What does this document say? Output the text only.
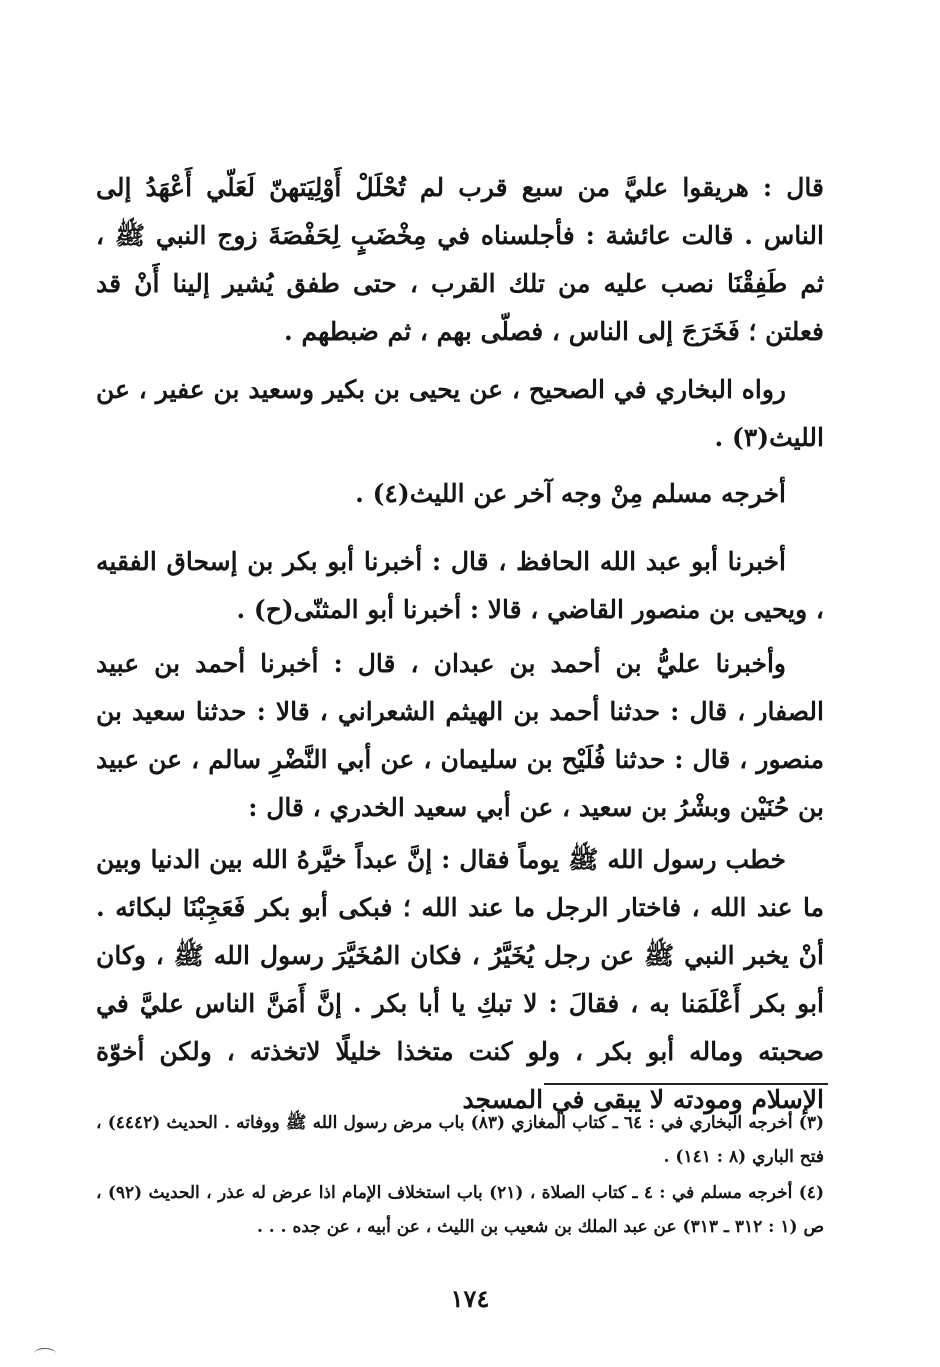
قال : هريقوا عليَّ من سبع قرب لم تُحْلَلْ أَوْلِيَتهنّ لَعَلّي أَعْهَدُ إلى الناس . قالت عائشة : فأجلسناه في مِخْضَبٍ لِحَفْصَةَ زوج النبي ﷺ ، ثم طَفِقْنَا نصب عليه من تلك القرب ، حتى طفق يُشير إلينا أَنْ قد فعلتن ؛ فَخَرَجَ إلى الناس ، فصلّى بهم ، ثم ضبطهم .

رواه البخاري في الصحيح ، عن يحيى بن بكير وسعيد بن عفير ، عن الليث(٣) .

أخرجه مسلم مِنْ وجه آخر عن الليث(٤) .

أخبرنا أبو عبد الله الحافظ ، قال : أخبرنا أبو بكر بن إسحاق الفقيه ، ويحيى بن منصور القاضي ، قالا : أخبرنا أبو المثنّى(ح) .

وأخبرنا عليُّ بن أحمد بن عبدان ، قال : أخبرنا أحمد بن عبيد الصفار ، قال : حدثنا أحمد بن الهيثم الشعراني ، قالا : حدثنا سعيد بن منصور ، قال : حدثنا فُلَيْح بن سليمان ، عن أبي النَّضْرِ سالم ، عن عبيد بن حُنَيْن وبشْرُ بن سعيد ، عن أبي سعيد الخدري ، قال :

خطب رسول الله ﷺ يوماً فقال : إنَّ عبداً خيَّرهُ الله بين الدنيا وبين ما عند الله ، فاختار الرجل ما عند الله ؛ فبكى أبو بكر فَعَجِبْنَا لبكائه . أنْ يخبر النبي ﷺ عن رجل يُخَيَّرُ ، فكان المُخَيَّرَ رسول الله ﷺ ، وكان أبو بكر أَعْلَمَنا به ، فقالَ : لا تبكِ يا أبا بكر . إنَّ أَمَنَّ الناس عليَّ في صحبته وماله أبو بكر ، ولو كنت متخذا خليلًا لاتخذته ، ولكن أخوّة الإسلام ومودته لا يبقى في المسجد

(٣) أخرجه البخاري في : ٦٤ ـ كتاب المغازي (٨٣) باب مرض رسول الله ﷺ ووفاته . الحديث (٤٤٤٢) ، فتح الباري (٨ : ١٤١) .

(٤) أخرجه مسلم في : ٤ ـ كتاب الصلاة ، (٢١) باب استخلاف الإمام اذا عرض له عذر ، الحديث (٩٢) ، ص (١ : ٣١٢ ـ ٣١٣) عن عبد الملك بن شعيب بن الليث ، عن أبيه ، عن جده . . .

١٧٤
